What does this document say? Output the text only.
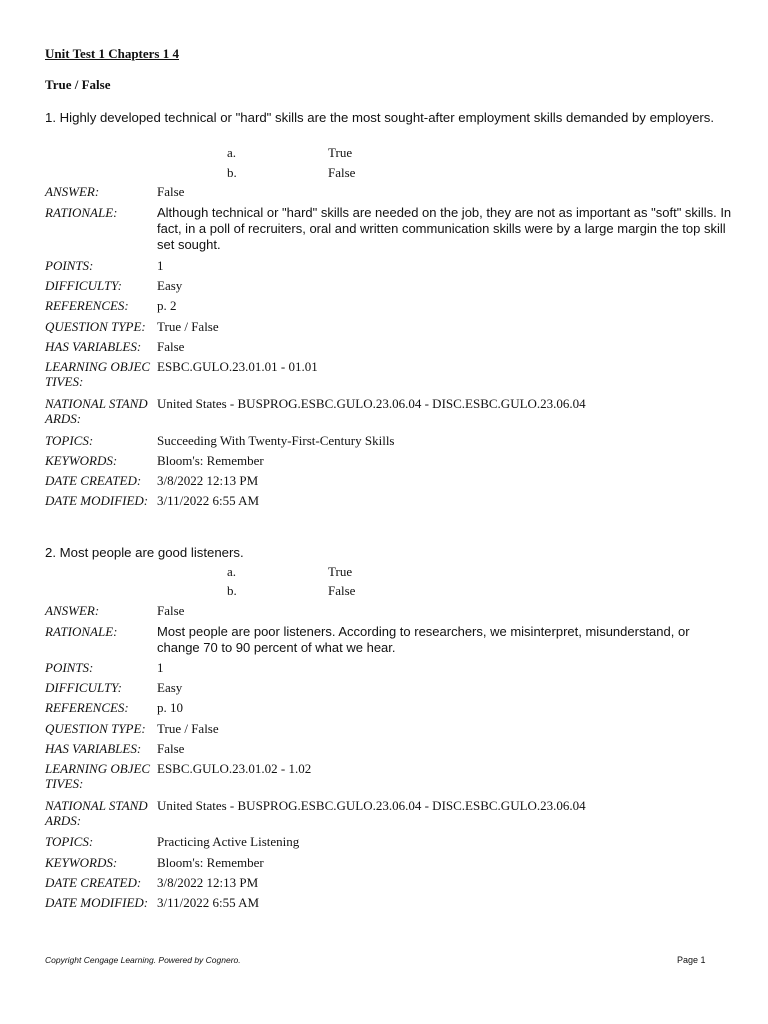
Unit Test 1 Chapters 1 4
True / False
1. Highly developed technical or "hard" skills are the most sought-after employment skills demanded by employers.
a.	True
b.	False
ANSWER:	False
RATIONALE:	Although technical or "hard" skills are needed on the job, they are not as important as "soft" skills. In fact, in a poll of recruiters, oral and written communication skills were by a large margin the top skill set sought.
POINTS:	1
DIFFICULTY:	Easy
REFERENCES: p. 2
QUESTION TYPE: True / False
HAS VARIABLES: False
LEARNING OBJECTIVES:
ESBC.GULO.23.01.01 - 01.01
NATIONAL STANDARDS:
United States - BUSPROG.ESBC.GULO.23.06.04 - DISC.ESBC.GULO.23.06.04
TOPICS:	Succeeding With Twenty-First-Century Skills
KEYWORDS:	Bloom's: Remember
DATE CREATED: 3/8/2022 12:13 PM
DATE MODIFIED: 3/11/2022 6:55 AM
2. Most people are good listeners.
a.	True
b.	False
ANSWER:	False
RATIONALE:	Most people are poor listeners. According to researchers, we misinterpret, misunderstand, or change 70 to 90 percent of what we hear.
POINTS:	1
DIFFICULTY:	Easy
REFERENCES: p. 10
QUESTION TYPE: True / False
HAS VARIABLES: False
LEARNING OBJECTIVES:
ESBC.GULO.23.01.02 - 1.02
NATIONAL STANDARDS:
United States - BUSPROG.ESBC.GULO.23.06.04 - DISC.ESBC.GULO.23.06.04
TOPICS:	Practicing Active Listening
KEYWORDS:	Bloom's: Remember
DATE CREATED: 3/8/2022 12:13 PM
DATE MODIFIED: 3/11/2022 6:55 AM
Copyright Cengage Learning. Powered by Cognero.	Page 1
